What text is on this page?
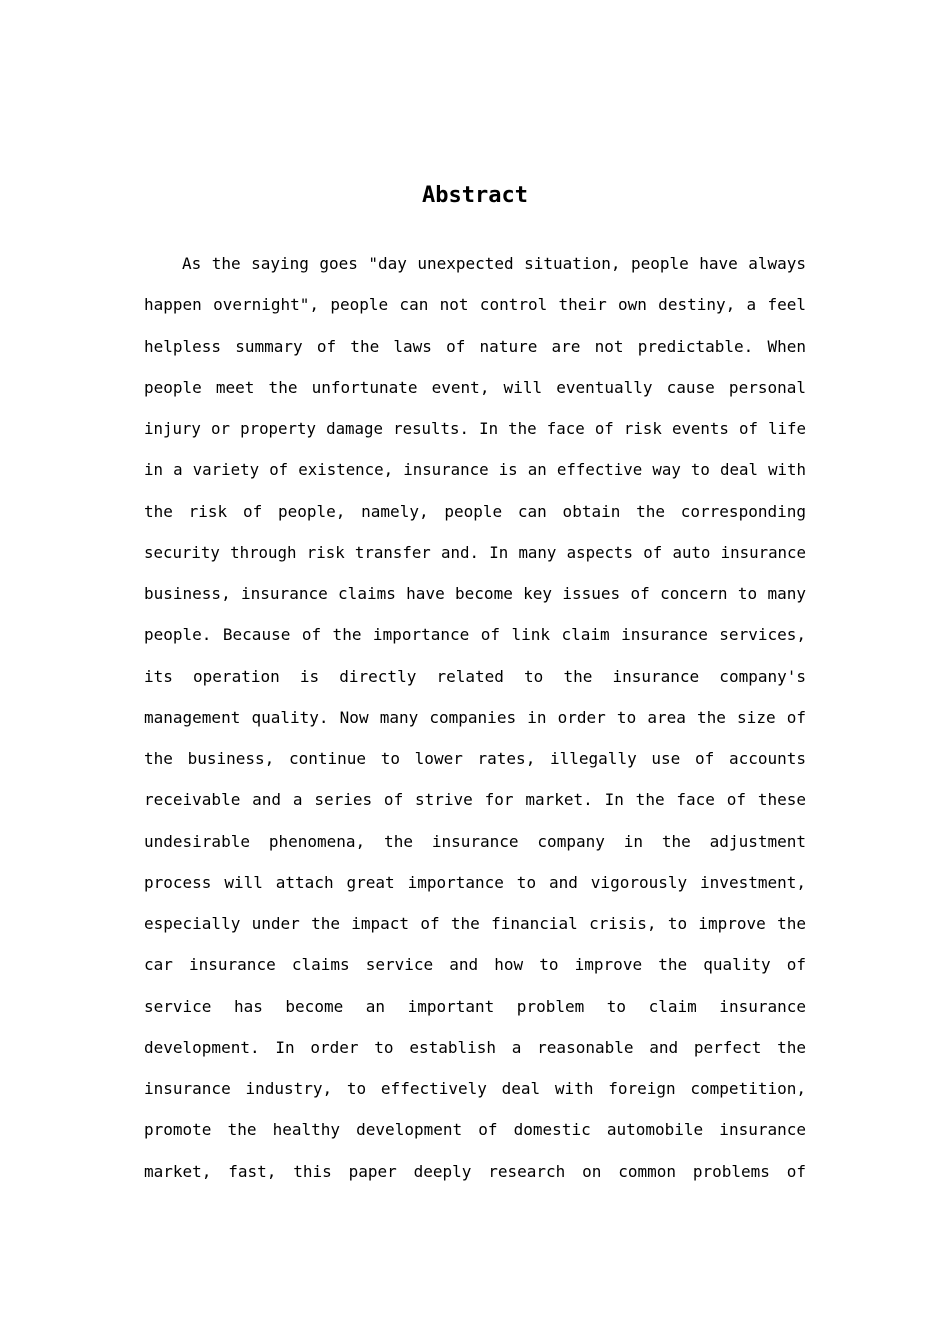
Abstract
As the saying goes "day unexpected situation, people have always
happen overnight", people can not control their own destiny, a feel
helpless summary of the laws of nature are not predictable. When
people meet the unfortunate event, will eventually cause personal
injury or property damage results. In the face of risk events of life
in a variety of existence, insurance is an effective way to deal with
the risk of people, namely, people can obtain the corresponding
security through risk transfer and. In many aspects of auto insurance
business, insurance claims have become key issues of concern to many
people. Because of the importance of link claim insurance services,
its operation is directly related to the insurance company's
management quality. Now many companies in order to area the size of
the business, continue to lower rates, illegally use of accounts
receivable and a series of strive for market. In the face of these
undesirable phenomena, the insurance company in the adjustment
process will attach great importance to and vigorously investment,
especially under the impact of the financial crisis, to improve the
car insurance claims service and how to improve the quality of
service has become an important problem to claim insurance
development. In order to establish a reasonable and perfect the
insurance industry, to effectively deal with foreign competition,
promote the healthy development of domestic automobile insurance
market, fast, this paper deeply research on common problems of
